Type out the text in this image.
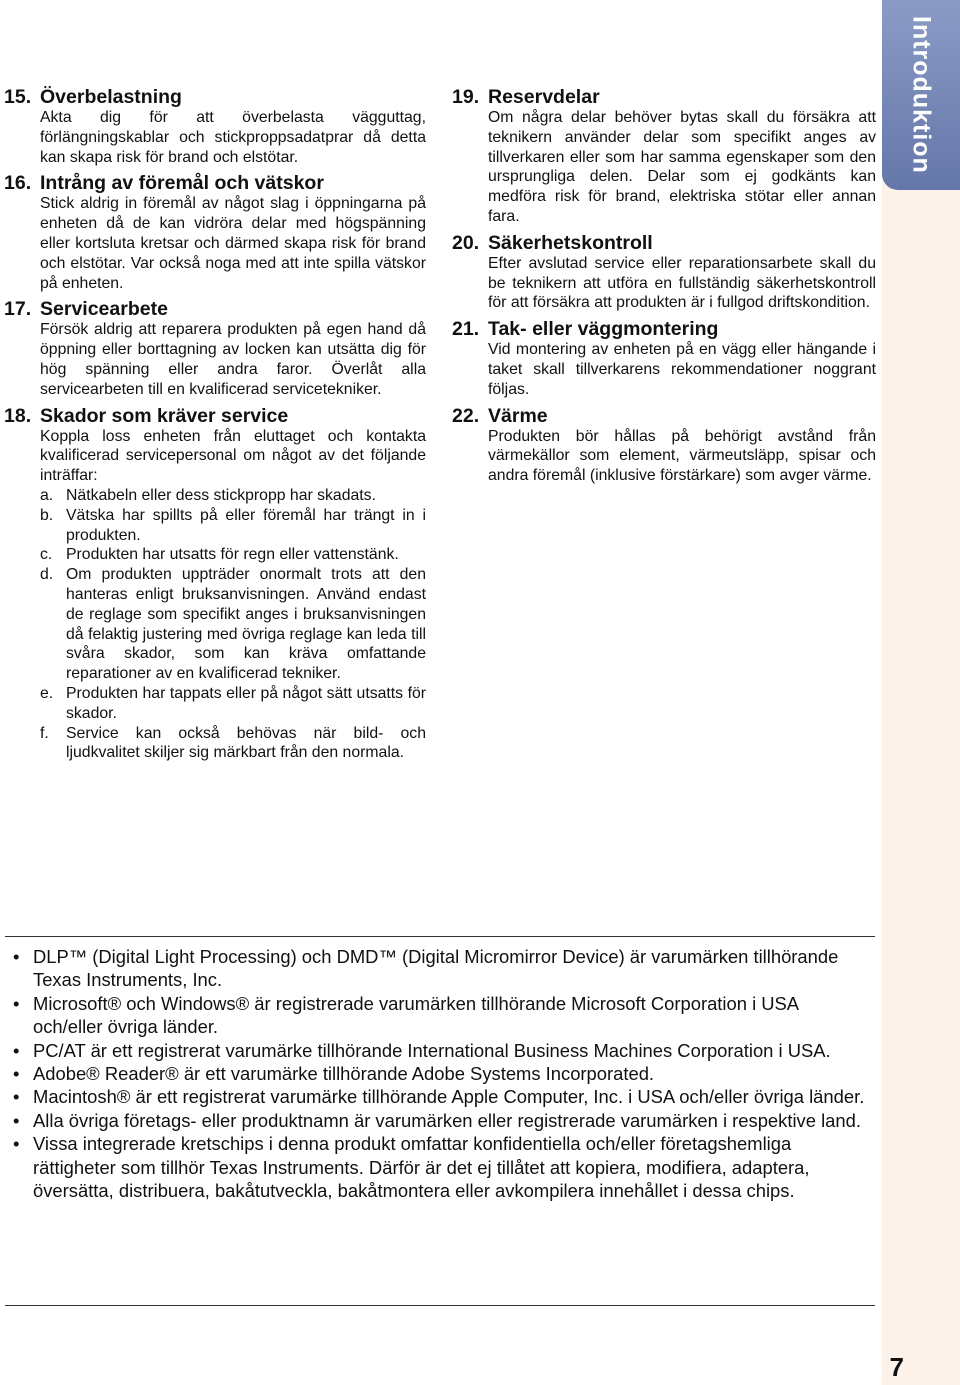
Introduktion
15. Överbelastning

Akta dig för att överbelasta vägguttag, förlängningskablar och stickproppsadatprar då detta kan skapa risk för brand och elstötar.

16. Intrång av föremål och vätskor

Stick aldrig in föremål av något slag i öppningarna på enheten då de kan vidröra delar med högspänning eller kortsluta kretsar och därmed skapa risk för brand och elstötar. Var också noga med att inte spilla vätskor på enheten.

17. Servicearbete

Försök aldrig att reparera produkten på egen hand då öppning eller borttagning av locken kan utsätta dig för hög spänning eller andra faror. Överlåt alla servicearbeten till en kvalificerad servicetekniker.

18. Skador som kräver service

Koppla loss enheten från eluttaget och kontakta kvalificerad servicepersonal om något av det följande inträffar:

a. Nätkabeln eller dess stickpropp har skadats.
b. Vätska har spillts på eller föremål har trängt in i produkten.
c. Produkten har utsatts för regn eller vattenstänk.
d. Om produkten uppträder onormalt trots att den hanteras enligt bruksanvisningen. Använd endast de reglage som specifikt anges i bruksanvisningen då felaktig justering med övriga reglage kan leda till svåra skador, som kan kräva omfattande reparationer av en kvalificerad tekniker.
e. Produkten har tappats eller på något sätt utsatts för skador.
f. Service kan också behövas när bild- och ljudkvalitet skiljer sig märkbart från den normala.
19. Reservdelar

Om några delar behöver bytas skall du försäkra att teknikern använder delar som specifikt anges av tillverkaren eller som har samma egenskaper som den ursprungliga delen. Delar som ej godkänts kan medföra risk för brand, elektriska stötar eller annan fara.

20. Säkerhetskontroll

Efter avslutad service eller reparationsarbete skall du be teknikern att utföra en fullständig säkerhetskontroll för att försäkra att produkten är i fullgod driftskondition.

21. Tak- eller väggmontering

Vid montering av enheten på en vägg eller hängande i taket skall tillverkarens rekommendationer noggrant följas.

22. Värme

Produkten bör hållas på behörigt avstånd från värmekällor som element, värmeutsläpp, spisar och andra föremål (inklusive förstärkare) som avger värme.

• DLP™ (Digital Light Processing) och DMD™ (Digital Micromirror Device) är varumärken tillhörande Texas Instruments, Inc.
• Microsoft® och Windows® är registrerade varumärken tillhörande Microsoft Corporation i USA och/eller övriga länder.
• PC/AT är ett registrerat varumärke tillhörande International Business Machines Corporation i USA.
• Adobe® Reader® är ett varumärke tillhörande Adobe Systems Incorporated.
• Macintosh® är ett registrerat varumärke tillhörande Apple Computer, Inc. i USA och/eller övriga länder.
• Alla övriga företags- eller produktnamn är varumärken eller registrerade varumärken i respektive land.
• Vissa integrerade kretschips i denna produkt omfattar konfidentiella och/eller företagshemliga rättigheter som tillhör Texas Instruments. Därför är det ej tillåtet att kopiera, modifiera, adaptera, översätta, distribuera, bakåtutveckla, bakåtmontera eller avkompilera innehållet i dessa chips.
7
